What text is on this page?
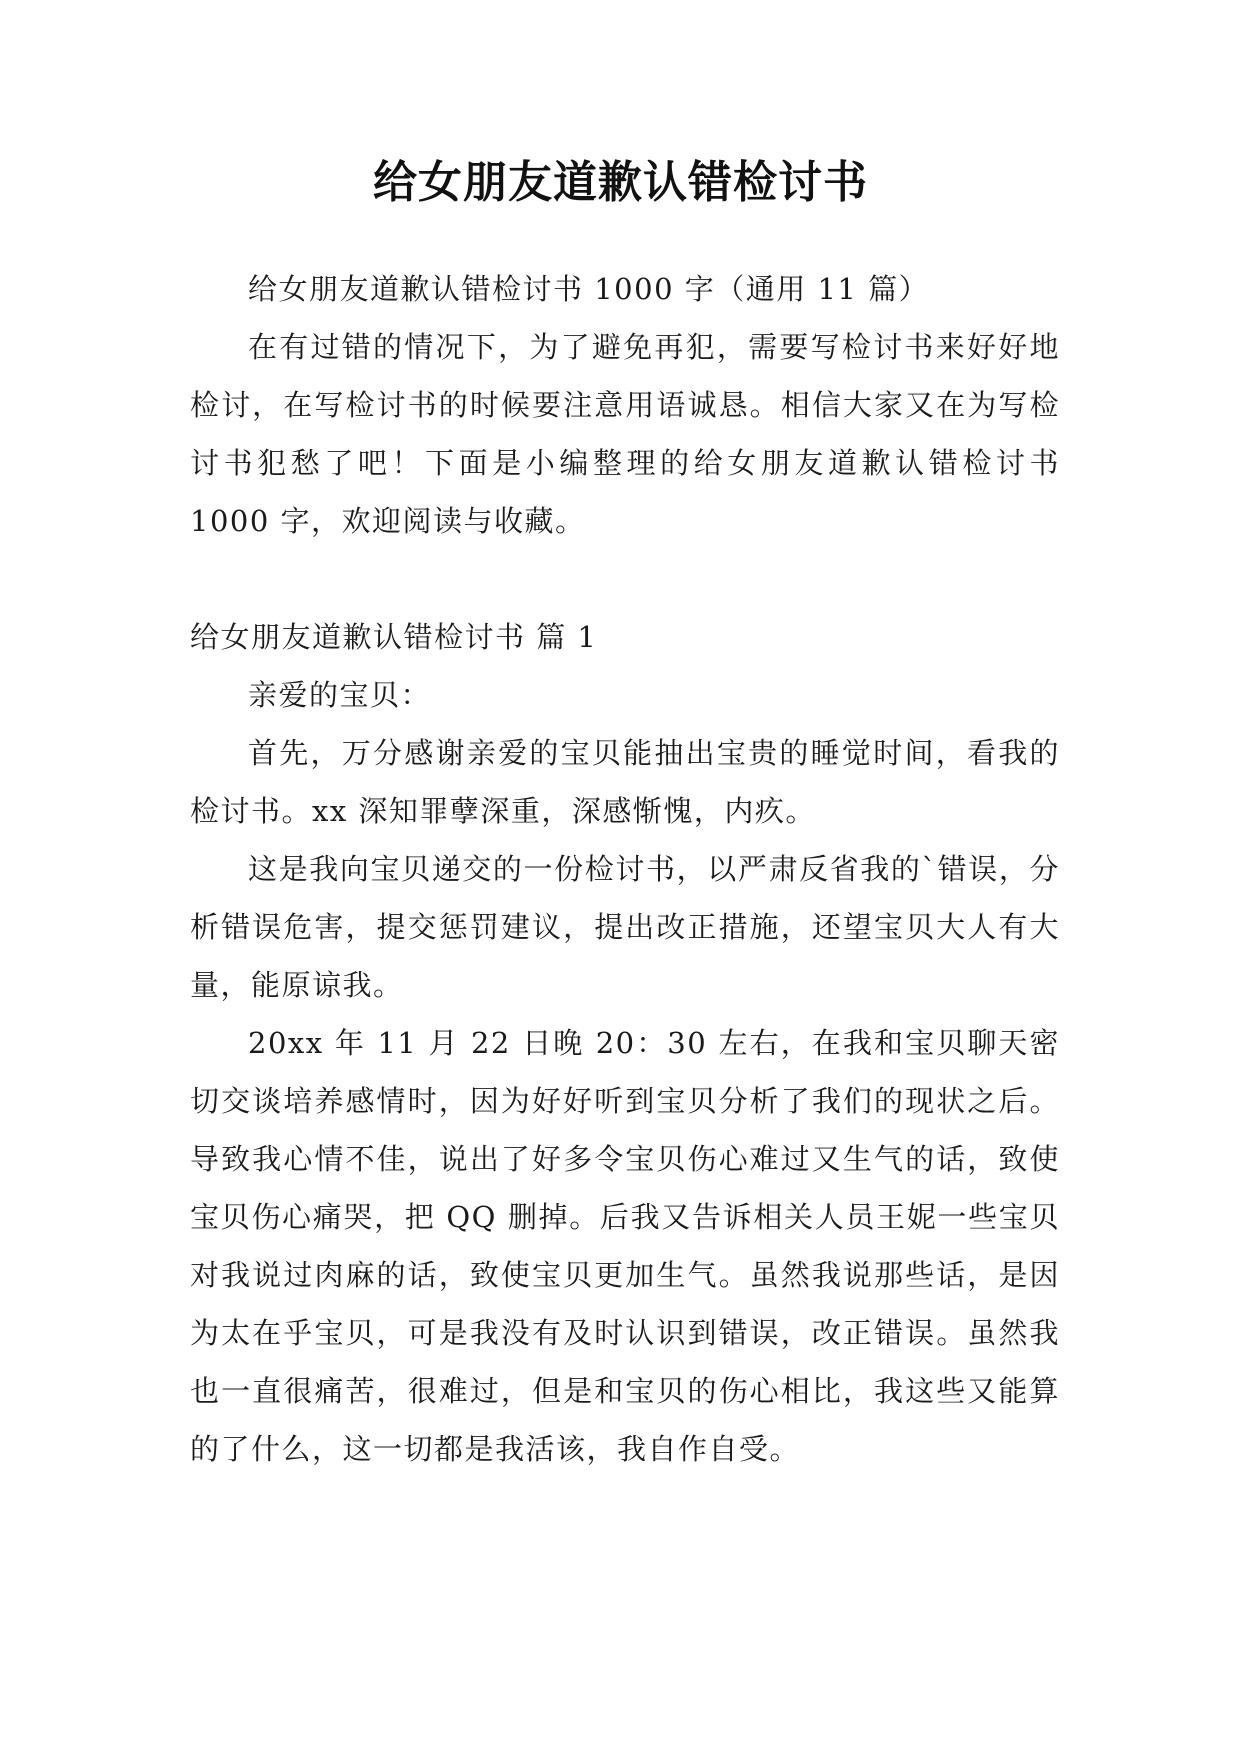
给女朋友道歉认错检讨书

给女朋友道歉认错检讨书 1000 字（通用 11 篇）

在有过错的情况下，为了避免再犯，需要写检讨书来好好地检讨，在写检讨书的时候要注意用语诚恳。相信大家又在为写检讨书犯愁了吧！下面是小编整理的给女朋友道歉认错检讨书 1000 字，欢迎阅读与收藏。

给女朋友道歉认错检讨书 篇 1

亲爱的宝贝：

首先，万分感谢亲爱的宝贝能抽出宝贵的睡觉时间，看我的检讨书。xx 深知罪孽深重，深感惭愧，内疚。

这是我向宝贝递交的一份检讨书，以严肃反省我的`错误，分析错误危害，提交惩罚建议，提出改正措施，还望宝贝大人有大量，能原谅我。

20xx 年 11 月 22 日晚 20：30 左右，在我和宝贝聊天密切交谈培养感情时，因为好好听到宝贝分析了我们的现状之后。导致我心情不佳，说出了好多令宝贝伤心难过又生气的话，致使宝贝伤心痛哭，把 QQ 删掉。后我又告诉相关人员王妮一些宝贝对我说过肉麻的话，致使宝贝更加生气。虽然我说那些话，是因为太在乎宝贝，可是我没有及时认识到错误，改正错误。虽然我也一直很痛苦，很难过，但是和宝贝的伤心相比，我这些又能算的了什么，这一切都是我活该，我自作自受。
